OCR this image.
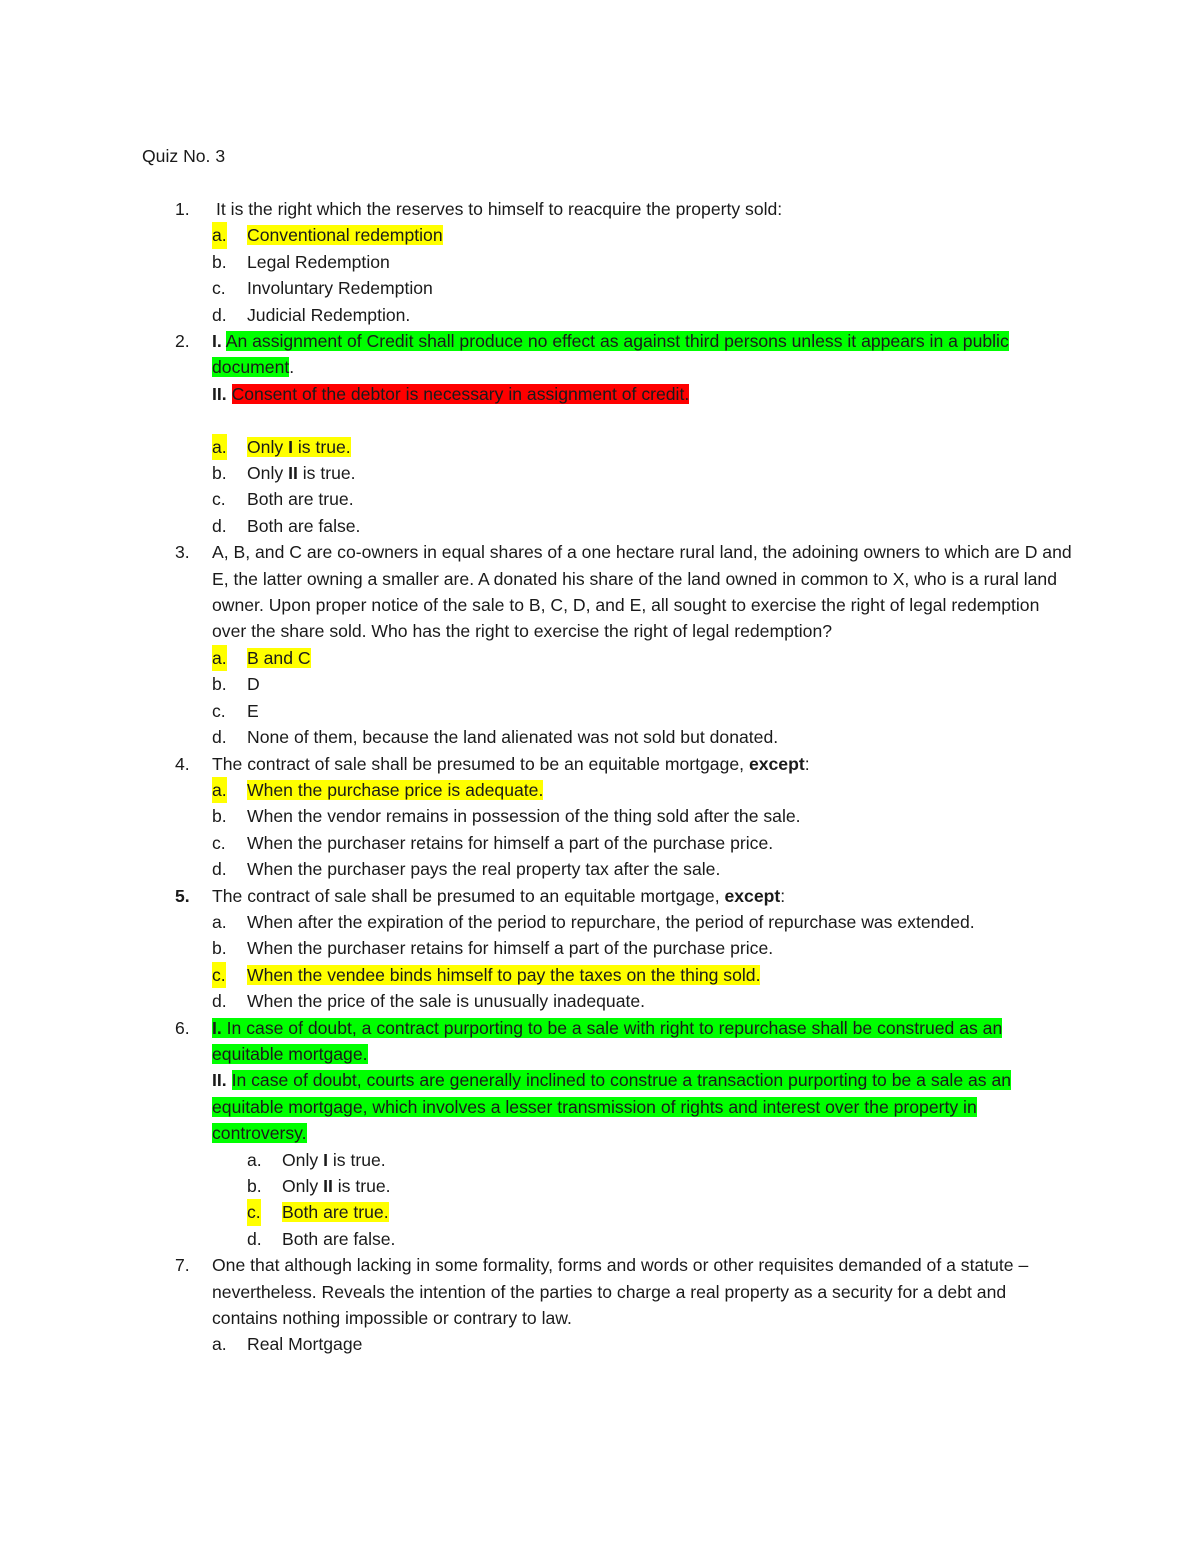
Quiz No. 3
1. It is the right which the reserves to himself to reacquire the property sold:
a. Conventional redemption
b. Legal Redemption
c. Involuntary Redemption
d. Judicial Redemption.
2. I. An assignment of Credit shall produce no effect as against third persons unless it appears in a public document.
II. Consent of the debtor is necessary in assignment of credit.
a. Only I is true.
b. Only II is true.
c. Both are true.
d. Both are false.
3. A, B, and C are co-owners in equal shares of a one hectare rural land, the adoining owners to which are D and E, the latter owning a smaller are. A donated his share of the land owned in common to X, who is a rural land owner. Upon proper notice of the sale to B, C, D, and E, all sought to exercise the right of legal redemption over the share sold. Who has the right to exercise the right of legal redemption?
a. B and C
b. D
c. E
d. None of them, because the land alienated was not sold but donated.
4. The contract of sale shall be presumed to be an equitable mortgage, except:
a. When the purchase price is adequate.
b. When the vendor remains in possession of the thing sold after the sale.
c. When the purchaser retains for himself a part of the purchase price.
d. When the purchaser pays the real property tax after the sale.
5. The contract of sale shall be presumed to an equitable mortgage, except:
a. When after the expiration of the period to repurchare, the period of repurchase was extended.
b. When the purchaser retains for himself a part of the purchase price.
c. When the vendee binds himself to pay the taxes on the thing sold.
d. When the price of the sale is unusually inadequate.
6. I. In case of doubt, a contract purporting to be a sale with right to repurchase shall be construed as an equitable mortgage.
II. In case of doubt, courts are generally inclined to construe a transaction purporting to be a sale as an equitable mortgage, which involves a lesser transmission of rights and interest over the property in controversy.
a. Only I is true.
b. Only II is true.
c. Both are true.
d. Both are false.
7. One that although lacking in some formality, forms and words or other requisites demanded of a statute – nevertheless. Reveals the intention of the parties to charge a real property as a security for a debt and contains nothing impossible or contrary to law.
a. Real Mortgage
